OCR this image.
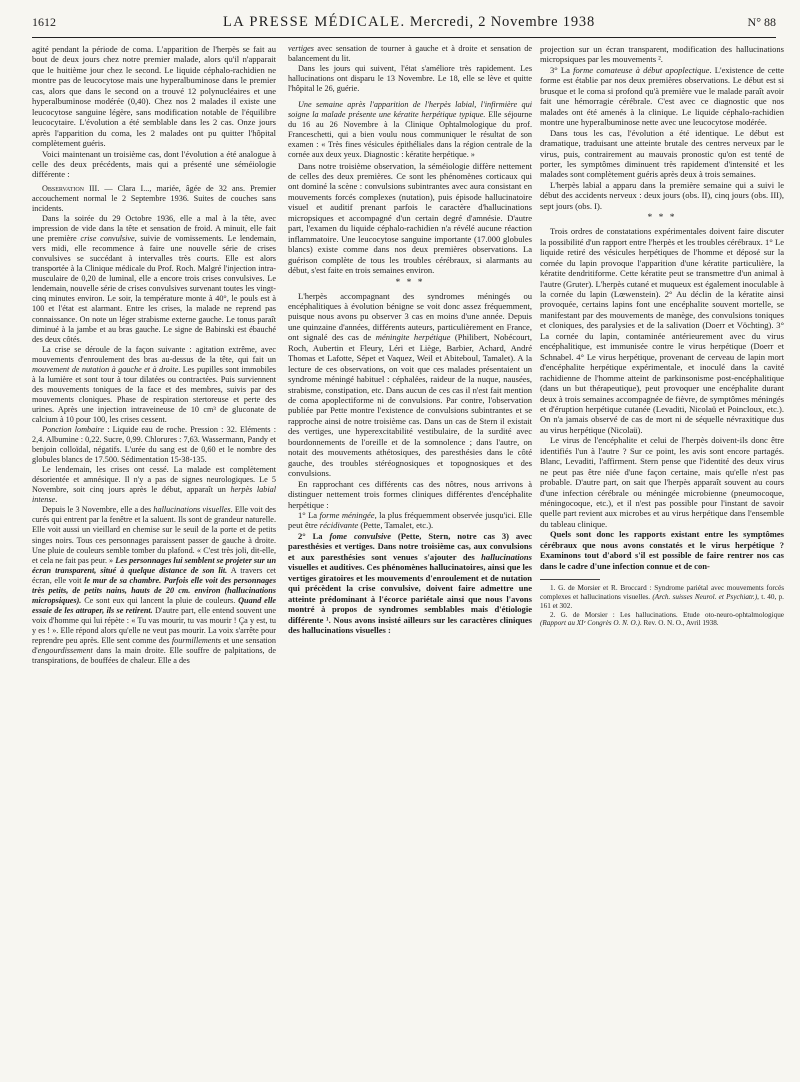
1612	LA PRESSE MÉDICALE. Mercredi, 2 Novembre 1938	N° 88

agité pendant la période de coma. L'apparition de l'herpès se fait au bout de deux jours chez notre premier malade, alors qu'il n'apparait que le huitième jour chez le second. Le liquide céphalo-rachidien ne montre pas de leucocytose mais une hyperalbuminose dans le premier cas, alors que dans le second on a trouvé 12 polynucléaires et une hyperalbuminose modérée (0,40). Chez nos 2 malades il existe une leucocytose sanguine légère, sans modification notable de l'équilibre leucocytaire. L'évolution a été semblable dans les 2 cas. Onze jours après l'apparition du coma, les 2 malades ont pu quitter l'hôpital complètement guéris.

Voici maintenant un troisième cas, dont l'évolution a été analogue à celle des deux précédents, mais qui a présenté une séméiologie différente :

Observation III. — Clara I..., mariée, âgée de 32 ans. Premier accouchement normal le 2 Septembre 1936. Suites de couches sans incidents.

Dans la soirée du 29 Octobre 1936, elle a mal à la tête, avec impression de vide dans la tête et sensation de froid. A minuit, elle fait une première crise convulsive, suivie de vomissements. Le lendemain, vers midi, elle recommence à faire une nouvelle série de crises convulsives se succédant à intervalles très courts. Elle est alors transportée à la Clinique médicale du Prof. Roch. Malgré l'injection intra-musculaire de 0,20 de luminal, elle a encore trois crises convulsives. Le lendemain, nouvelle série de crises convulsives survenant toutes les vingt-cinq minutes environ. Le soir, la température monte à 40°, le pouls est à 100 et l'état est alarmant. Entre les crises, la malade ne reprend pas connaissance. On note un léger strabisme externe gauche. Le tonus paraît diminué à la jambe et au bras gauche. Le signe de Babinski est ébauché des deux côtés.

La crise se déroule de la façon suivante : agitation extrême, avec mouvements d'enroulement des bras au-dessus de la tête, qui fait un mouvement de nutation à gauche et à droite. Les pupilles sont immobiles à la lumière et sont tour à tour dilatées ou contractées. Puis surviennent des mouvements toniques de la face et des membres, suivis par des mouvements cloniques. Phase de respiration stertoreuse et perte des urines. Après une injection intraveineuse de 10 cm³ de gluconate de calcium à 10 pour 100, les crises cessent.

Ponction lombaire : Liquide eau de roche. Pression : 32. Eléments : 2,4. Albumine : 0,22. Sucre, 0,99. Chlorures : 7,63. Wassermann, Pandy et benjoin colloïdal, négatifs. L'urée du sang est de 0,60 et le nombre des globules blancs de 17.500. Sédimentation 15-38-135.

Le lendemain, les crises ont cessé. La malade est complètement désorientée et amnésique. Il n'y a pas de signes neurologiques. Le 5 Novembre, soit cinq jours après le début, apparaît un herpès labial intense.

Depuis le 3 Novembre, elle a des hallucinations visuelles. Elle voit des curés qui entrent par la fenêtre et la saluent. Ils sont de grandeur naturelle. Elle voit aussi un vieillard en chemise sur le seuil de la porte et de petits singes noirs. Tous ces personnages paraissent passer de gauche à droite. Une pluie de couleurs semble tomber du plafond. « C'est très joli, dit-elle, et cela ne fait pas peur. » Les personnages lui semblent se projeter sur un écran transparent, situé à quelque distance de son lit. A travers cet écran, elle voit le mur de sa chambre. Parfois elle voit des personnages très petits, de petits nains, hauts de 20 cm. environ (hallucinations micropsiques). Ce sont eux qui lancent la pluie de couleurs. Quand elle essaie de les attraper, ils se retirent. D'autre part, elle entend souvent une voix d'homme qui lui répète : « Tu vas mourir, tu vas mourir ! Ça y est, tu y es ! ». Elle répond alors qu'elle ne veut pas mourir. La voix s'arrête pour reprendre peu après. Elle sent comme des fourmillements et une sensation d'engourdissement dans la main droite. Elle souffre de palpitations, de transpirations, de bouffées de chaleur. Elle a des

vertiges avec sensation de tourner à gauche et à droite et sensation de balancement du lit.

Dans les jours qui suivent, l'état s'améliore très rapidement. Les hallucinations ont disparu le 13 Novembre. Le 18, elle se lève et quitte l'hôpital le 26, guérie.

Une semaine après l'apparition de l'herpès labial, l'infirmière qui soigne la malade présente une kératite herpétique typique. Elle séjourne du 16 au 26 Novembre à la Clinique Ophtalmologique du prof. Franceschetti, qui a bien voulu nous communiquer le résultat de son examen : « Très fines vésicules épithéliales dans la région centrale de la cornée aux deux yeux. Diagnostic : kératite herpétique. »

Dans notre troisième observation, la séméiologie diffère nettement de celles des deux premières. Ce sont les phénomènes corticaux qui ont dominé la scène : convulsions subintrantes avec aura consistant en mouvements forcés complexes (nutation), puis épisode hallucinatoire visuel et auditif prenant parfois le caractère d'hallucinations micropsiques et accompagné d'un certain degré d'amnésie. D'autre part, l'examen du liquide céphalo-rachidien n'a révélé aucune réaction inflammatoire. Une leucocytose sanguine importante (17.000 globules blancs) existe comme dans nos deux premières observations. La guérison complète de tous les troubles cérébraux, si alarmants au début, s'est faite en trois semaines environ.

* * *

L'herpès accompagnant des syndromes méningés ou encéphalitiques à évolution bénigne se voit donc assez fréquemment, puisque nous avons pu observer 3 cas en moins d'une année. Depuis une quinzaine d'années, différents auteurs, particulièrement en France, ont signalé des cas de méningite herpétique (Philibert, Nobécourt, Roch, Aubertin et Fleury, Léri et Liège, Barbier, Achard, André Thomas et Lafotte, Sépet et Vaquez, Weil et Abiteboul, Tamalet). A la lecture de ces observations, on voit que ces malades présentaient un syndrome méningé habituel : céphalées, raideur de la nuque, nausées, strabisme, constipation, etc. Dans aucun de ces cas il n'est fait mention de coma apoplectiforme ni de convulsions. Par contre, l'observation publiée par Pette montre l'existence de convulsions subintrantes et se rapproche ainsi de notre troisième cas. Dans un cas de Stern il existait des vertiges, une hyperexcitabilité vestibulaire, de la surdité avec bourdonnements de l'oreille et de la somnolence ; dans l'autre, on notait des mouvements athétosiques, des paresthésies dans le côté gauche, des troubles stéréognosiques et topognosiques et des convulsions.

En rapprochant ces différents cas des nôtres, nous arrivons à distinguer nettement trois formes cliniques différentes d'encéphalite herpétique :

1° La forme méningée, la plus fréquemment observée jusqu'ici. Elle peut être récidivante (Pette, Tamalet, etc.).

2° La fome convulsive (Pette, Stern, notre cas 3) avec paresthésies et vertiges. Dans notre troisième cas, aux convulsions et aux paresthésies sont venues s'ajouter des hallucinations visuelles et auditives. Ces phénomènes hallucinatoires, ainsi que les vertiges giratoires et les mouvements d'enroulement et de nutation qui précèdent la crise convulsive, doivent faire admettre une atteinte prédominant à l'écorce pariétale ainsi que nous l'avons montré à propos de syndromes semblables mais d'étiologie différente ¹. Nous avons insisté ailleurs sur les caractères cliniques des hallucinations visuelles :

projection sur un écran transparent, modification des hallucinations micropsiques par les mouvements ².

3° La forme comateuse à début apoplectique. L'existence de cette forme est établie par nos deux premières observations. Le début est si brusque et le coma si profond qu'à première vue le malade paraît avoir fait une hémorragie cérébrale. C'est avec ce diagnostic que nos malades ont été amenés à la clinique. Le liquide céphalo-rachidien montre une hyperalbuminose nette avec une leucocytose modérée.

Dans tous les cas, l'évolution a été identique. Le début est dramatique, traduisant une atteinte brutale des centres nerveux par le virus, puis, contrairement au mauvais pronostic qu'on est tenté de porter, les symptômes diminuent très rapidement d'intensité et les malades sont complètement guéris après deux à trois semaines.

L'herpès labial a apparu dans la première semaine qui a suivi le début des accidents nerveux : deux jours (obs. II), cinq jours (obs. III), sept jours (obs. I).

* * *

Trois ordres de constatations expérimentales doivent faire discuter la possibilité d'un rapport entre l'herpès et les troubles cérébraux. 1° Le liquide retiré des vésicules herpétiques de l'homme et déposé sur la cornée du lapin provoque l'apparition d'une kératite particulière, la kératite dendritiforme. Cette kératite peut se transmettre d'un animal à l'autre (Gruter). L'herpès cutané et muqueux est également inoculable à la cornée du lapin (Lœwenstein). 2° Au déclin de la kératite ainsi provoquée, certains lapins font une encéphalite souvent mortelle, se manifestant par des mouvements de manège, des convulsions toniques et cloniques, des paralysies et de la salivation (Doerr et Vöchting). 3° La cornée du lapin, contaminée antérieurement avec du virus encéphalitique, est immunisée contre le virus herpétique (Doerr et Schnabel. 4° Le virus herpétique, provenant de cerveau de lapin mort d'encéphalite herpétique expérimentale, et inoculé dans la cavité rachidienne de l'homme atteint de parkinsonisme post-encéphalitique (dans un but thérapeutique), peut provoquer une encéphalite durant deux à trois semaines accompagnée de fièvre, de symptômes méningés et d'éruption herpétique cutanée (Levaditi, Nicolaü et Poincloux, etc.). On n'a jamais observé de cas de mort ni de séquelle névraxitique dus au virus herpétique (Nicolaü).

Le virus de l'encéphalite et celui de l'herpès doivent-ils donc être identifiés l'un à l'autre ? Sur ce point, les avis sont encore partagés. Blanc, Levaditi, l'affirment. Stern pense que l'identité des deux virus ne peut pas être niée d'une façon certaine, mais qu'elle n'est pas probable. D'autre part, on sait que l'herpès apparaît souvent au cours d'une infection cérébrale ou méningée microbienne (pneumocoque, méningocoque, etc.), et il n'est pas possible pour l'instant de savoir quelle part revient aux microbes et au virus herpétique dans l'ensemble du tableau clinique.

Quels sont donc les rapports existant entre les symptômes cérébraux que nous avons constatés et le virus herpétique ? Examinons tout d'abord s'il est possible de faire rentrer nos cas dans le cadre d'une infection connue et de con-

1. G. de Morsier et R. Broccard : Syndrome pariétal avec mouvements forcés complexes et hallucinations visuelles. (Arch. suisses Neurol. et Psychiatr.), t. 40, p. 161 et 302.

2. G. de Morsier : Les hallucinations. Etude oto-neuro-ophtalmologique (Rapport au XIᵉ Congrès O. N. O.). Rev. O. N. O., Avril 1938.
